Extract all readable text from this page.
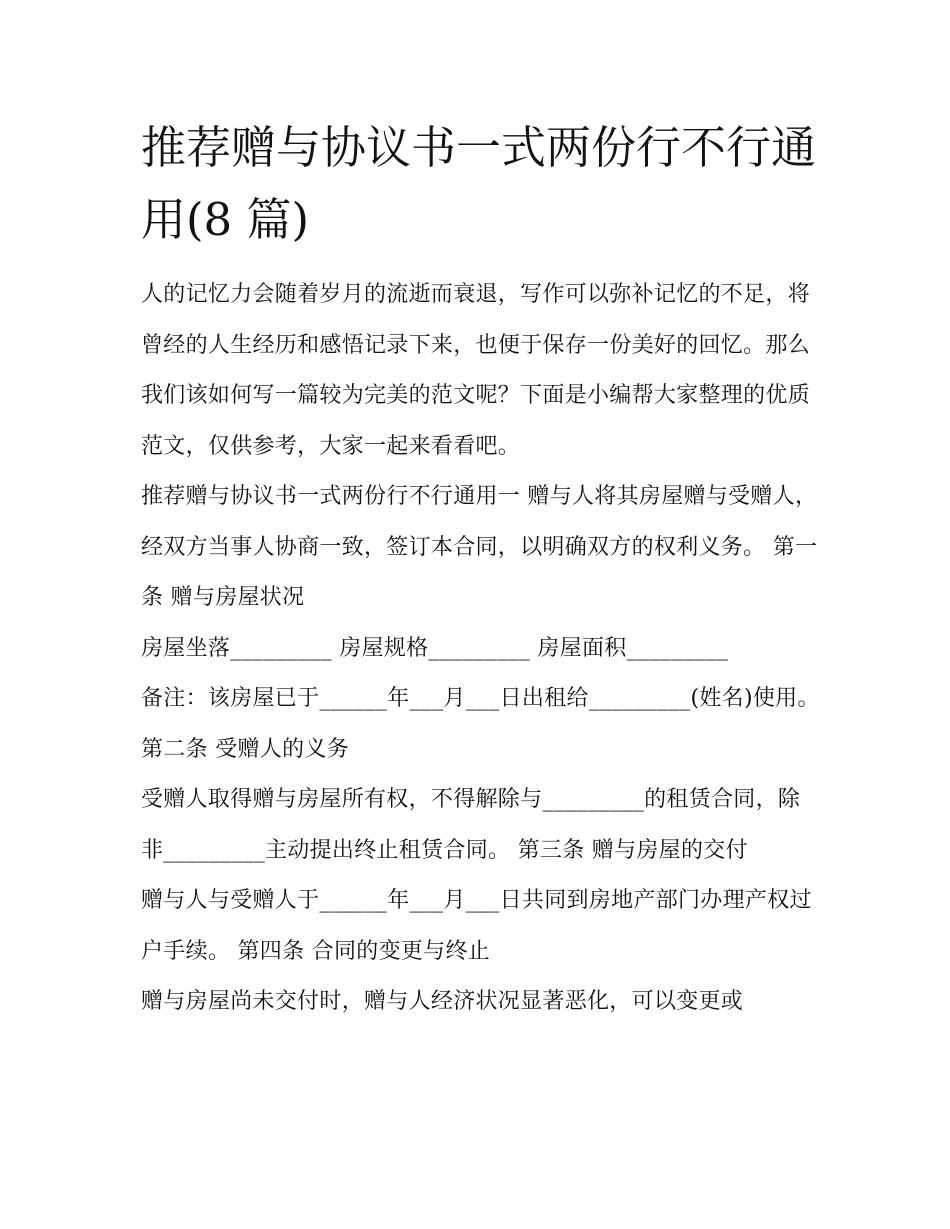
推荐赠与协议书一式两份行不行通用(8 篇)

人的记忆力会随着岁月的流逝而衰退，写作可以弥补记忆的不足，将曾经的人生经历和感悟记录下来，也便于保存一份美好的回忆。那么我们该如何写一篇较为完美的范文呢？下面是小编帮大家整理的优质范文，仅供参考，大家一起来看看吧。

推荐赠与协议书一式两份行不行通用一 赠与人将其房屋赠与受赠人，经双方当事人协商一致，签订本合同，以明确双方的权利义务。 第一条 赠与房屋状况

房屋坐落_________ 房屋规格_________ 房屋面积_________

备注：该房屋已于______年___月___日出租给_________(姓名)使用。 第二条 受赠人的义务

受赠人取得赠与房屋所有权，不得解除与_________的租赁合同，除非_________主动提出终止租赁合同。 第三条 赠与房屋的交付

赠与人与受赠人于______年___月___日共同到房地产部门办理产权过户手续。 第四条 合同的变更与终止

赠与房屋尚未交付时，赠与人经济状况显著恶化，可以变更或
